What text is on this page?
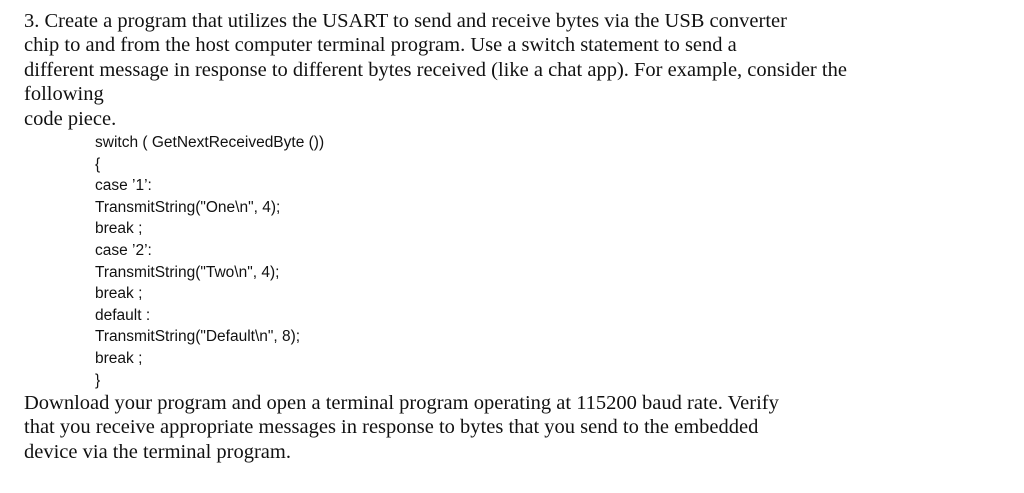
3. Create a program that utilizes the USART to send and receive bytes via the USB converter
chip to and from the host computer terminal program. Use a switch statement to send a
different message in response to different bytes received (like a chat app). For example, consider the
following
code piece.
switch ( GetNextReceivedByte ())
{
case ’1’:
TransmitString("One\n", 4);
break ;
case ’2’:
TransmitString("Two\n", 4);
break ;
default :
TransmitString("Default\n", 8);
break ;
}
Download your program and open a terminal program operating at 115200 baud rate. Verify
that you receive appropriate messages in response to bytes that you send to the embedded
device via the terminal program.
